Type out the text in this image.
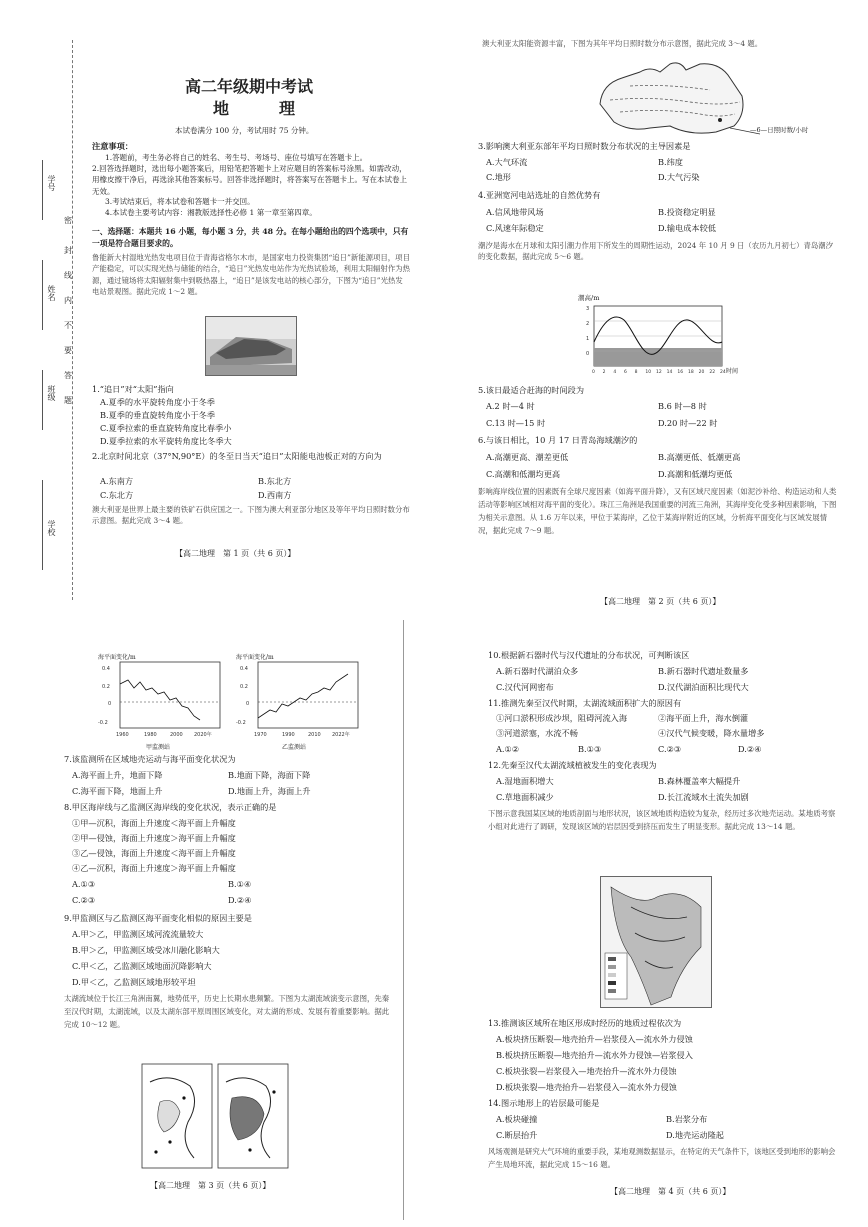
学号
姓名
班级
学校
密
封
线
内
不
要
答
题
高二年级期中考试
地　　理
本试卷满分 100 分，考试用时 75 分钟。
注意事项：
1.答题前，考生务必将自己的姓名、考生号、考场号、座位号填写在答题卡上。
2.回答选择题时，选出每小题答案后，用铅笔把答题卡上对应题目的答案标号涂黑。如需改动，用橡皮擦干净后，再选涂其他答案标号。回答非选择题时，将答案写在答题卡上。写在本试卷上无效。
3.考试结束后，将本试卷和答题卡一并交回。
4.本试卷主要考试内容：湘教版选择性必修 1 第一章至第四章。
一、选择题：本题共 16 小题，每小题 3 分，共 48 分。在每小题给出的四个选项中，只有一项是符合题目要求的。
鲁能新大村湿地光热发电项目位于青海省格尔木市，是国家电力投资集团“追日”新能源项目，项目产能稳定，可以实现光热与储能的结合，“追日”光热发电站作为光热试验场，利用太阳辐射作为热源，通过镜场将太阳辐射集中到吸热器上，“追日”是该发电站的核心部分，下图为“追日”光热发电站景观图。据此完成 1～2 题。
1.“追日”对“太阳”指向
A.夏季的水平旋转角度小于冬季
B.夏季的垂直旋转角度小于冬季
C.夏季拉索的垂直旋转角度比春季小
D.夏季拉索的水平旋转角度比冬季大
2.北京时间北京（37°N,90°E）的冬至日当天“追日”太阳能电池板正对的方向为
A.东南方	B.东北方
C.东北方	D.西南方
澳大利亚是世界上最主要的铁矿石供应国之一。下图为澳大利亚部分地区及等年平均日照时数分布示意图。据此完成 3～4 题。
【高二地理　第 1 页（共 6 页）】
澳大利亚太阳能资源丰富，下图为其年平均日照时数分布示意图，据此完成 3～4 题。
—6—日照时数/小时
3.影响澳大利亚东部年平均日照时数分布状况的主导因素是
A.大气环流	B.纬度
C.地形	D.大气污染
4.亚洲宽河电站选址的自然优势有
A.信风地带风场	B.投资稳定明显
C.风速年际稳定	D.输电成本较低
潮汐是海水在月球和太阳引潮力作用下所发生的周期性运动，2024 年 10 月 9 日（农历九月初七）青岛潮汐的变化数据，据此完成 5～6 题。
潮高/m
3
2
1
0
0 2 4 6 8 10 12 14 16 18 20 22 24 时间
5.该日最适合赶海的时间段为
A.2 时—4 时	B.6 时—8 时
C.13 时—15 时	D.20 时—22 时
6.与该日相比，10 月 17 日青岛海域潮汐的
A.高潮更高、潮差更低	B.高潮更低、低潮更高
C.高潮和低潮均更高	D.高潮和低潮均更低
影响海岸线位置的因素既有全球尺度因素（如海平面升降），又有区域尺度因素（如泥沙补给、构造运动和人类活动等影响区域相对海平面的变化）。珠江三角洲是我国重要的河流三角洲，其海岸变化受多种因素影响，下图为相关示意图。从 1.6 万年以来，甲位于某海岸，乙位于某海岸附近的区域，分析海平面变化与区域发展情况，据此完成 7～9 题。
【高二地理　第 2 页（共 6 页）】
海平面变化/m
0.4
0.2
0
-0.2
1960	1980	2000 2020年
甲监测站
海平面变化/m
0.4
0.2
0
-0.2
1970	1990	2010 2022年
乙监测站
7.该监测所在区域地壳运动与海平面变化状况为
A.海平面上升，地面下降	B.地面下降，海面下降
C.海平面下降，地面上升	D.地面上升，海面上升
8.甲区海岸线与乙监测区海岸线的变化状况，表示正确的是
①甲—沉积，海面上升速度＜海平面上升幅度
②甲—侵蚀，海面上升速度＞海平面上升幅度
③乙—侵蚀，海面上升速度＜海平面上升幅度
④乙—沉积，海面上升速度＞海平面上升幅度
A.①③	B.①④
C.②③	D.②④
9.甲监测区与乙监测区海平面变化相似的原因主要是
A.甲＞乙，甲监测区域河流流量较大
B.甲＞乙，甲监测区域受冰川融化影响大
C.甲＜乙，乙监测区域地面沉降影响大
D.甲＜乙，乙监测区域地形较平坦
太湖流域位于长江三角洲南翼，地势低平，历史上长期水患频繁。下图为太湖流域演变示意图，先秦至汉代时期，太湖流域，以及太湖东部平原周围区域变化，对太湖的形成、发展有着重要影响。据此完成 10～12 题。
【高二地理　第 3 页（共 6 页）】
10.根据新石器时代与汉代遗址的分布状况，可判断该区
A.新石器时代湖泊众多	B.新石器时代遗址数量多
C.汉代河网密布	D.汉代湖泊面积比现代大
11.推测先秦至汉代时期，太湖流域面积扩大的原因有
①河口淤积形成沙坝，阻碍河流入海	②海平面上升，海水倒灌
③河道淤塞，水流不畅	④汉代气候变暖，降水量增多
A.①②	B.①③	C.②③	D.②④
12.先秦至汉代太湖流域植被发生的变化表现为
A.湿地面积增大	B.森林覆盖率大幅提升
C.草地面积减少	D.长江流域水土流失加剧
下图示意我国某区域的地质剖面与地形状况，该区域地质构造较为复杂，经历过多次地壳运动。某地质考察小组对此进行了调研，发现该区域的岩层因受到挤压而发生了明显变形。据此完成 13～14 题。
13.推测该区域所在地区形成时经历的地质过程依次为
A.板块挤压断裂—地壳抬升—岩浆侵入—流水外力侵蚀
B.板块挤压断裂—地壳抬升—流水外力侵蚀—岩浆侵入
C.板块张裂—岩浆侵入—地壳抬升—流水外力侵蚀
D.板块张裂—地壳抬升—岩浆侵入—流水外力侵蚀
14.图示地形上的岩层最可能是
A.板块碰撞	B.岩浆分布
C.断层抬升	D.地壳运动隆起
风场观测是研究大气环境的重要手段，某地观测数据显示，在特定的天气条件下，该地区受到地形的影响会产生局地环流，据此完成 15～16 题。
【高二地理　第 4 页（共 6 页）】
